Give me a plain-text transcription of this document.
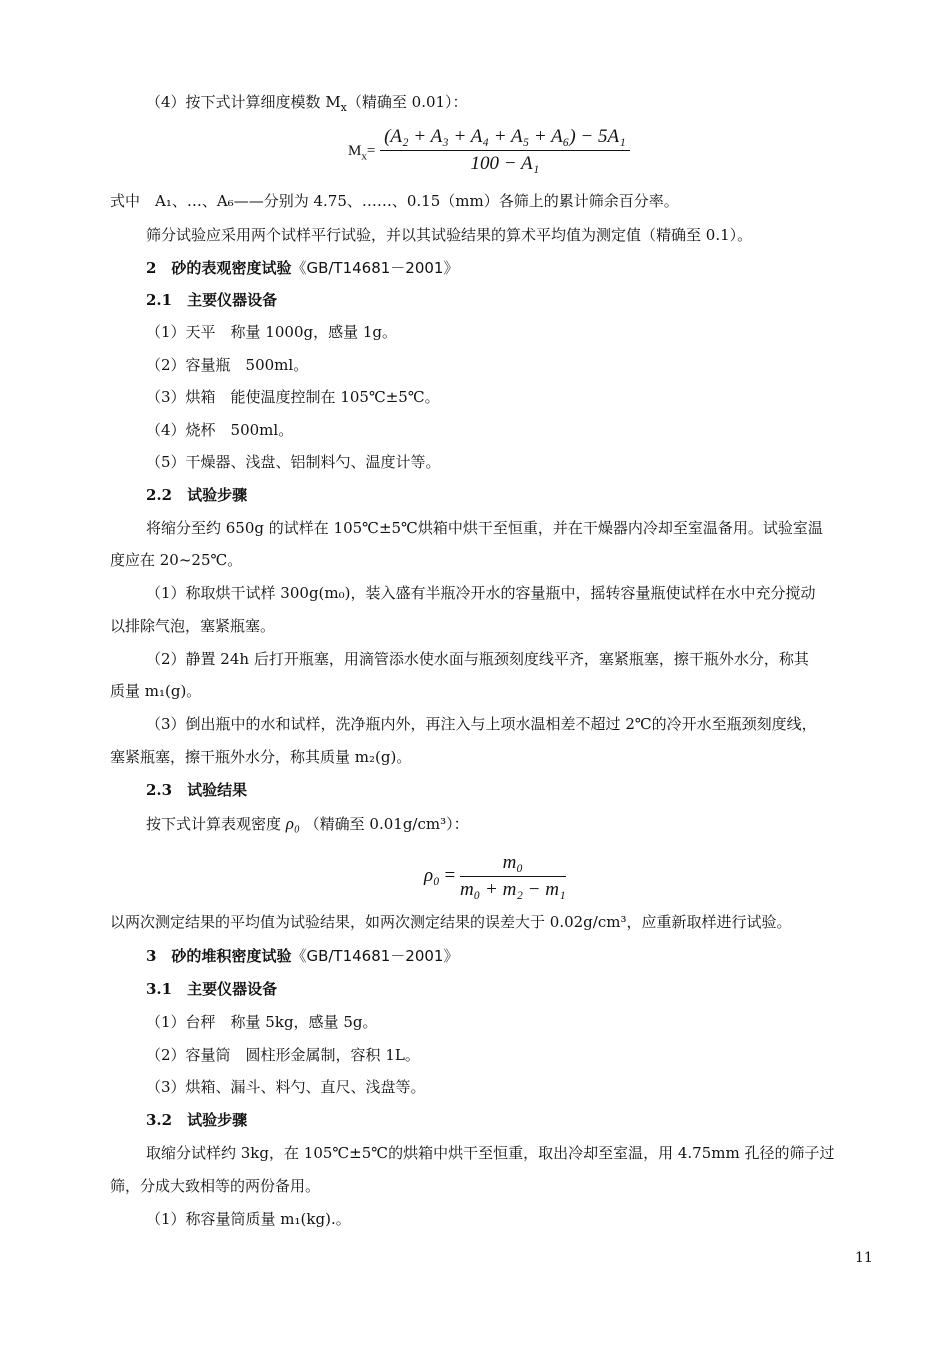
（4）按下式计算细度模数 $M_x$（精确至 0.01）：
$M_x= \frac{\text{(A₂ + A₃ + A₄ + A₅ + A₆) − 5A₁}}{\text{100 − A₁}}$
式中　A₁、…、A₆——分别为 4.75、……、0.15（mm）各筛上的累计筛余百分率。
筛分试验应采用两个试样平行试验，并以其试验结果的算术平均值为测定值（精确至 0.1）。
2　砂的表观密度试验《GB/T14681－2001》
2.1　主要仪器设备
（1）天平　称量 1000g，感量 1g。
（2）容量瓶　500ml。
（3）烘箱　能使温度控制在 105℃±5℃。
（4）烧杯　500ml。
（5）干燥器、浅盘、铝制料勺、温度计等。
2.2　试验步骤
将缩分至约 650g 的试样在 105℃±5℃烘箱中烘干至恒重，并在干燥器内冷却至室温备用。试验室温
度应在 20~25℃。
（1）称取烘干试样 300g(m₀)，装入盛有半瓶冷开水的容量瓶中，摇转容量瓶使试样在水中充分搅动
以排除气泡，塞紧瓶塞。
（2）静置 24h 后打开瓶塞，用滴管添水使水面与瓶颈刻度线平齐，塞紧瓶塞，擦干瓶外水分，称其
质量 m₁(g)。
（3）倒出瓶中的水和试样，洗净瓶内外，再注入与上项水温相差不超过 2℃的冷开水至瓶颈刻度线，
塞紧瓶塞，擦干瓶外水分，称其质量 m₂(g)。
2.3　试验结果
按下式计算表观密度 ρ₀ （精确至 0.01g/cm³）：
$\rho_0 = \frac{\text{m₀}}{\text{m₀ + m₂ − m₁}}$
以两次测定结果的平均值为试验结果，如两次测定结果的误差大于 0.02g/cm³，应重新取样进行试验。
3　砂的堆积密度试验《GB/T14681－2001》
3.1　主要仪器设备
（1）台秤　称量 5kg，感量 5g。
（2）容量筒　圆柱形金属制，容积 1L。
（3）烘箱、漏斗、料勺、直尺、浅盘等。
3.2　试验步骤
取缩分试样约 3kg，在 105℃±5℃的烘箱中烘干至恒重，取出冷却至室温，用 4.75mm 孔径的筛子过
筛，分成大致相等的两份备用。
（1）称容量筒质量 m₁(kg).。
11
